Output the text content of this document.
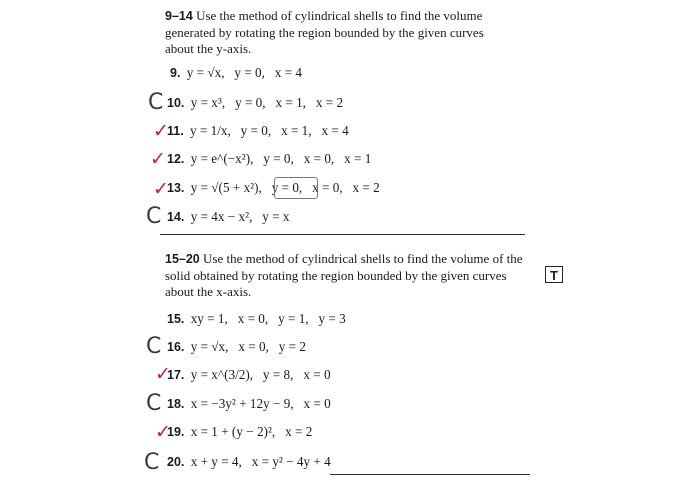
9–14 Use the method of cylindrical shells to find the volume generated by rotating the region bounded by the given curves about the y-axis.
9. y = √x, y = 0, x = 4
10. y = x³, y = 0, x = 1, x = 2
11. y = 1/x, y = 0, x = 1, x = 4
12. y = e^(−x²), y = 0, x = 0, x = 1
13. y = √(5 + x²), y = 0, x = 0, x = 2
14. y = 4x − x², y = x
15–20 Use the method of cylindrical shells to find the volume of the solid obtained by rotating the region bounded by the given curves about the x-axis.
T
15. xy = 1, x = 0, y = 1, y = 3
16. y = √x, x = 0, y = 2
17. y = x^(3/2), y = 8, x = 0
18. x = −3y² + 12y − 9, x = 0
19. x = 1 + (y − 2)², x = 2
20. x + y = 4, x = y² − 4y + 4
C
✓
✓
✓
C
C
✓
C
✓
C
